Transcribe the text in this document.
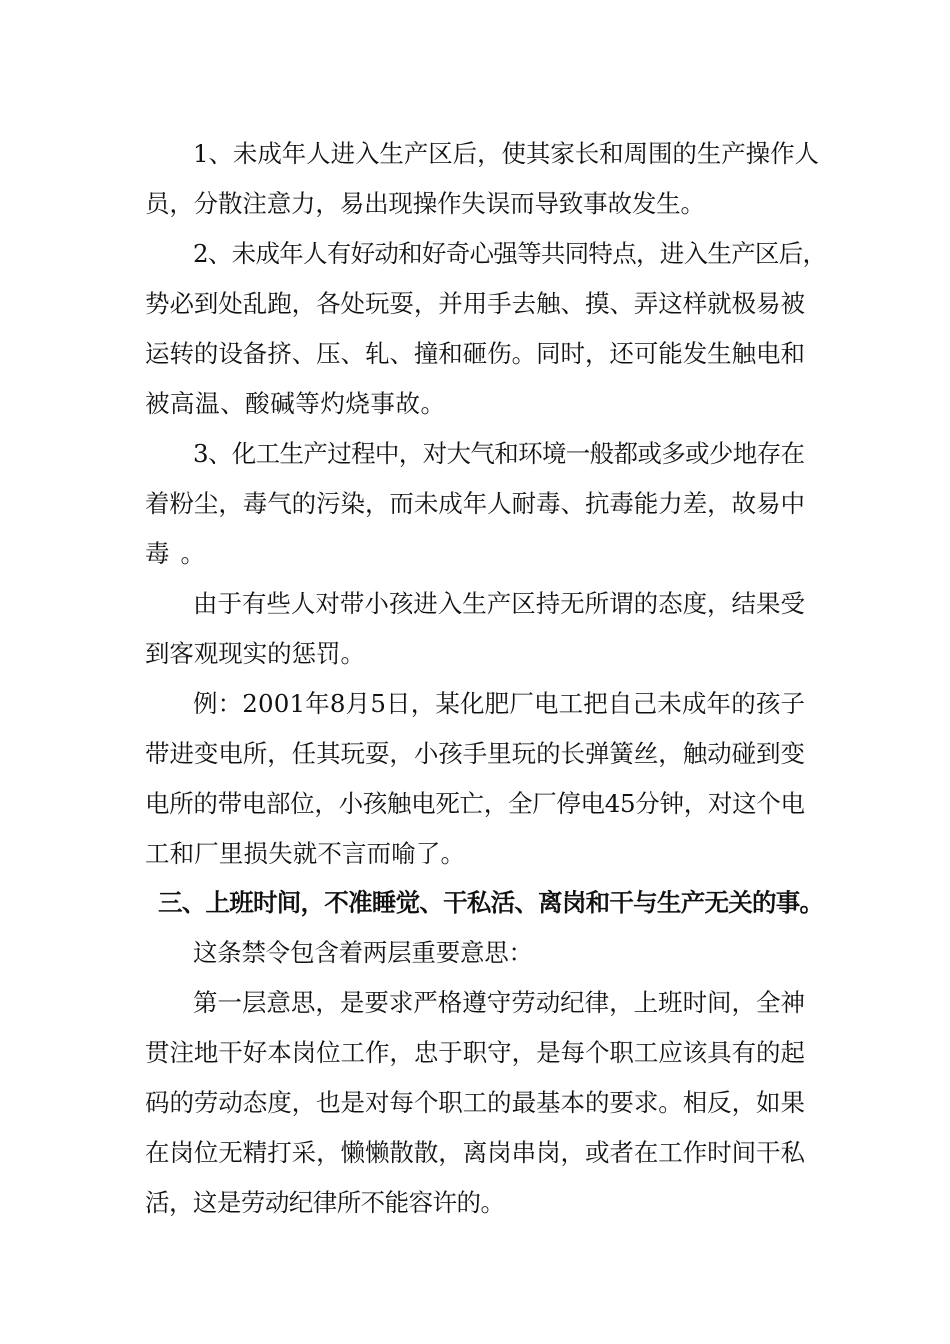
1、未成年人进入生产区后，使其家长和周围的生产操作人
员，分散注意力，易出现操作失误而导致事故发生。
2、未成年人有好动和好奇心强等共同特点，进入生产区后，
势必到处乱跑，各处玩耍，并用手去触、摸、弄这样就极易被
运转的设备挤、压、轧、撞和砸伤。同时，还可能发生触电和
被高温、酸碱等灼烧事故。
3、化工生产过程中，对大气和环境一般都或多或少地存在
着粉尘，毒气的污染，而未成年人耐毒、抗毒能力差，故易中
毒。
由于有些人对带小孩进入生产区持无所谓的态度，结果受
到客观现实的惩罚。
例：2001年8月5日，某化肥厂电工把自己未成年的孩子
带进变电所，任其玩耍，小孩手里玩的长弹簧丝，触动碰到变
电所的带电部位，小孩触电死亡，全厂停电45分钟，对这个电
工和厂里损失就不言而喻了。
三、上班时间，不准睡觉、干私活、离岗和干与生产无关的事。
这条禁令包含着两层重要意思：
第一层意思，是要求严格遵守劳动纪律，上班时间，全神
贯注地干好本岗位工作，忠于职守，是每个职工应该具有的起
码的劳动态度，也是对每个职工的最基本的要求。相反，如果
在岗位无精打采，懒懒散散，离岗串岗，或者在工作时间干私
活，这是劳动纪律所不能容许的。
